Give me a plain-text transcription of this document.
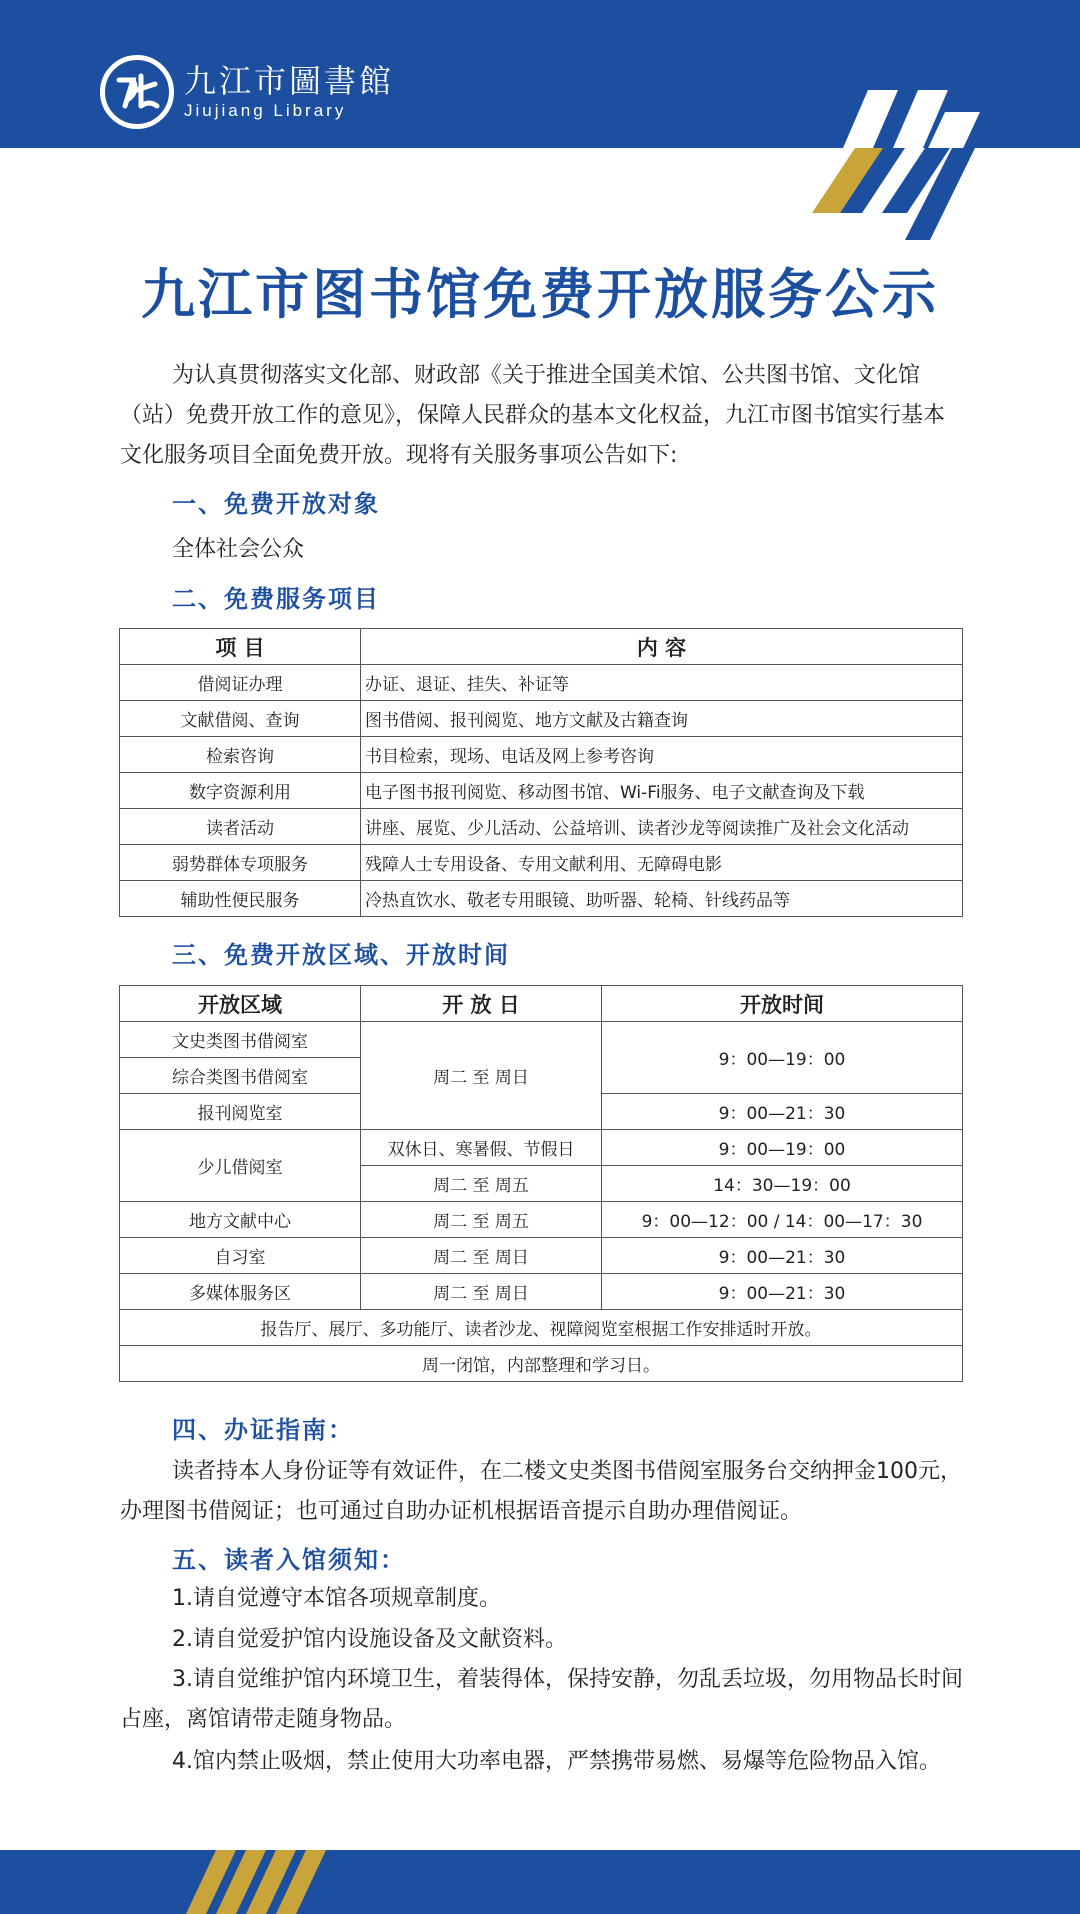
九江市圖書館
Jiujiang Library
九江市图书馆免费开放服务公示
为认真贯彻落实文化部、财政部《关于推进全国美术馆、公共图书馆、文化馆（站）免费开放工作的意见》，保障人民群众的基本文化权益，九江市图书馆实行基本文化服务项目全面免费开放。现将有关服务事项公告如下:
一、免费开放对象
全体社会公众
二、免费服务项目
项 目	内 容
借阅证办理	办证、退证、挂失、补证等
文献借阅、查询	图书借阅、报刊阅览、地方文献及古籍查询
检索咨询	书目检索，现场、电话及网上参考咨询
数字资源利用	电子图书报刊阅览、移动图书馆、Wi-Fi服务、电子文献查询及下载
读者活动	讲座、展览、少儿活动、公益培训、读者沙龙等阅读推广及社会文化活动
弱势群体专项服务	残障人士专用设备、专用文献利用、无障碍电影
辅助性便民服务	冷热直饮水、敬老专用眼镜、助听器、轮椅、针线药品等
三、免费开放区域、开放时间
开放区域	开 放 日	开放时间
文史类图书借阅室	周二 至 周日	9：00—19：00
综合类图书借阅室		
报刊阅览室		9：00—21：30
少儿借阅室	双休日、寒暑假、节假日	9：00—19：00
	周二 至 周五	14：30—19：00
地方文献中心	周二 至 周五	9：00—12：00 / 14：00—17：30
自习室	周二 至 周日	9：00—21：30
多媒体服务区	周二 至 周日	9：00—21：30
报告厅、展厅、多功能厅、读者沙龙、视障阅览室根据工作安排适时开放。		
周一闭馆，内部整理和学习日。		
四、办证指南：
读者持本人身份证等有效证件，在二楼文史类图书借阅室服务台交纳押金100元，办理图书借阅证；也可通过自助办证机根据语音提示自助办理借阅证。
五、读者入馆须知：
1.请自觉遵守本馆各项规章制度。
2.请自觉爱护馆内设施设备及文献资料。
3.请自觉维护馆内环境卫生，着装得体，保持安静，勿乱丢垃圾，勿用物品长时间占座，离馆请带走随身物品。
4.馆内禁止吸烟，禁止使用大功率电器，严禁携带易燃、易爆等危险物品入馆。
